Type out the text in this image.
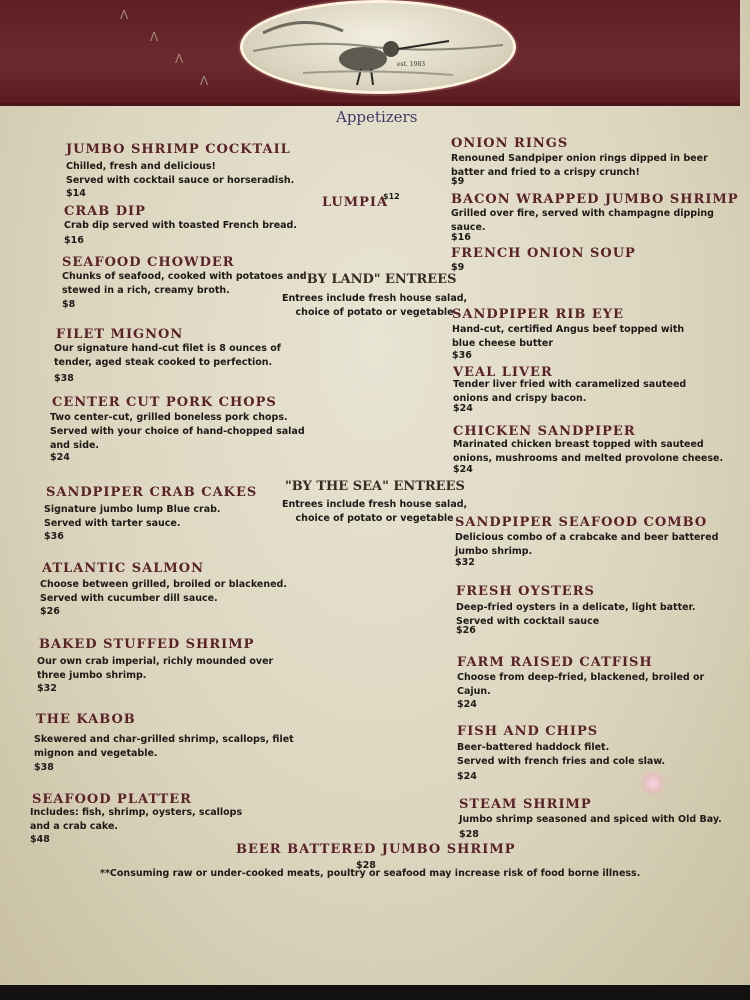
ᐱ
ᐱ
ᐱ
ᐱ
est. 1983
Appetizers
JUMBO SHRIMP COCKTAIL

Chilled, fresh and delicious!
Served with cocktail sauce or horseradish.

$14

CRAB DIP

Crab dip served with toasted French bread.

$16

SEAFOOD CHOWDER

Chunks of seafood, cooked with potatoes and
stewed in a rich, creamy broth.

$8

LUMPIA

$12

ONION RINGS

Renouned Sandpiper onion rings dipped in beer
batter and fried to a crispy crunch!

$9

BACON WRAPPED JUMBO SHRIMP

Grilled over fire, served with champagne dipping
sauce.

$16

FRENCH ONION SOUP

$9

"BY LAND" ENTREES

Entrees include fresh house salad,
choice of potato or vegetable

FILET MIGNON

Our signature hand-cut filet is 8 ounces of
tender, aged steak cooked to perfection.

$38

CENTER CUT PORK CHOPS

Two center-cut, grilled boneless pork chops.
Served with your choice of hand-chopped salad
and side.

$24

SANDPIPER RIB EYE

Hand-cut, certified Angus beef topped with
blue cheese butter

$36

VEAL LIVER

Tender liver fried with caramelized sauteed
onions and crispy bacon.

$24

CHICKEN SANDPIPER

Marinated chicken breast topped with sauteed
onions, mushrooms and melted provolone cheese.

$24

"BY THE SEA" ENTREES

Entrees include fresh house salad,
choice of potato or vegetable

SANDPIPER CRAB CAKES

Signature jumbo lump Blue crab.
Served with tarter sauce.

$36

ATLANTIC SALMON

Choose between grilled, broiled or blackened.
Served with cucumber dill sauce.

$26

BAKED STUFFED SHRIMP

Our own crab imperial, richly mounded over
three jumbo shrimp.

$32

THE KABOB

Skewered and char-grilled shrimp, scallops, filet
mignon and vegetable.

$38

SEAFOOD PLATTER

Includes: fish, shrimp, oysters, scallops
and a crab cake.

$48

SANDPIPER SEAFOOD COMBO

Delicious combo of a crabcake and beer battered
jumbo shrimp.

$32

FRESH OYSTERS

Deep-fried oysters in a delicate, light batter.
Served with cocktail sauce

$26

FARM RAISED CATFISH

Choose from deep-fried, blackened, broiled or
Cajun.

$24

FISH AND CHIPS

Beer-battered haddock filet.
Served with french fries and cole slaw.

$24

STEAM SHRIMP

Jumbo shrimp seasoned and spiced with Old Bay.

$28

BEER BATTERED JUMBO SHRIMP

$28

**Consuming raw or under-cooked meats, poultry or seafood may increase risk of food borne illness.
